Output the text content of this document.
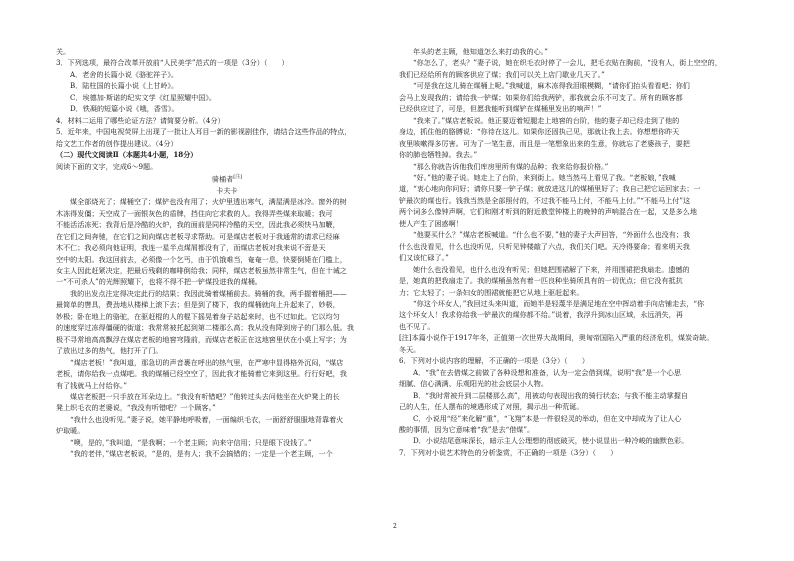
关。
3．下列选项，最符合改革开放前“人民美学”范式的一项是（3分）（　　）
A．老舍的长篇小说《骆驼祥子》。
B．陆柱国的长篇小说《上甘岭》。
C．埃德加·斯诺的纪实文学《红星照耀中国》。
D．铁凝的短篇小说《哦，香雪》。
4．材料二运用了哪些论证方法？请简要分析。（4分）
5．近年来，中国电视荧屏上出现了一批让人耳目一新的影视剧佳作，请结合这些作品的特点，
给文艺工作者的创作提出建议。（4分）
（二）现代文阅读Ⅱ（本题共4小题，18分）
阅读下面的文字，完成6～9题。
骑桶者[注]
卡夫卡
煤全部烧光了；煤桶空了；煤铲也没有用了；火炉里透出寒气，满屋满是冰冷。窗外的树
木冻得发僵；天空成了一面银灰色的盾牌，挡住向它求救的人。我得弄些煤来取暖；我可
不能活活冻死；我背后是冷酷的火炉，我的面前是同样冷酷的天空，因此我必须快马加鞭，
在它们之间奔驰，在它们之间向煤店老板寻求帮助。可是煤店老板对于我通常的请求已经麻
木不仁；我必须向他证明，我连一星半点煤屑都没有了，而煤店老板对我来说不啻是天
空中的太阳。我这回前去，必须像一个乞丐，由于饥饿难当，奄奄一息，快要倒毙在门槛上，
女主人因此赶紧决定，把最后残剩的咖啡倒给我；同样，煤店老板虽然非常生气，但在十诫之
一“不可杀人”的光辉照耀下，也将不得不把一铲煤投进我的煤桶。
我的出发点注定得决定此行的结果；我因此骑着煤桶前去。骑桶的我，两手握着桶把——
最简单的辔具，费劲地从楼梯上滚下去；但是到了楼下，我的煤桶就向上升起来了，妙极，
妙极；卧在地上的骆驼，在驱赶棍的人的棍下摇晃着身子站起来时，也不过如此。它以均匀
的速度穿过冻得僵硬的街道；我常常被托起到第二楼那么高；我从没有降到房子的门那么低。我
极不寻常地高高飘浮在煤店老板的地窖穹隆前，而煤店老板正在这地窖里伏在小桌上写字；为
了放出过多的热气，他打开了门。
“煤店老板！”我叫道，那急切的声音裹在呼出的热气里，在严寒中显得格外沉闷，“煤店
老板，请你给我一点煤吧。我的煤桶已经空空了，因此我才能骑着它来到这里。行行好吧，我
有了钱就马上付给你。”
煤店老板把一只手放在耳朵边上。“我没有听错吧？”他转过头去问他坐在火炉凳上的长
凳上织毛衣的老婆说，“我没有听错吧？一个顾客。”
“我什么也没听见。”妻子说，她平静地呼吸着，一面编织毛衣，一面舒舒服服地背靠着火
炉取暖。
“噢，是的，”我叫道，“是我啊；一个老主顾；向来守信用；只是眼下没钱了。”
“我的老伴，”煤店老板说，“是的，是有人；我不会搞错的；一定是一个老主顾，一个
年头的老主顾，他知道怎么来打动我的心。”
“你怎么了，老头？”妻子说，她在织毛衣时停了一会儿，把毛衣贴在胸前，“没有人，街上空空的，
我们已经给所有的顾客供应了煤；我们可以关上店门歇业几天了。”
“可是我在这儿骑在煤桶上呢。”我喊道，麻木冻得我泪眼模糊，“请你们抬头看看吧；你们
会马上发现我的；请给我一铲煤；如果你们给我两铲，那我就会乐不可支了。所有的顾客都
已经供应过了，可是，但愿我能听到煤铲在煤桶里发出的响声！”
“我来了。”煤店老板说。他正要迈着短腿走上地窖的台阶，他的妻子却已经走到了他的
身边，抓住他的胳膊说：“你待在这儿。如果你还固执己见，那就让我上去。你想想你昨天
夜里咳嗽得多厉害。可为了一笔生意，而且是一笔想象出来的生意，你就忘了老婆孩子，要把
你的肺也牺牲掉。我去。”
“那么你就告诉他我们库房里所有煤的品种；我来给你报价格。”
“好。”他的妻子说。她走上了台阶，来到街上。她当然马上看见了我。“老板娘，”我喊
道，“衷心地向你问好；请你只要一铲子煤；就放进这儿的煤桶里好了；我自己把它运回家去；一
铲最次的煤也行。钱我当然是全部照付的，不过我不能马上付，不能马上付。”“不能马上付”这
两个词多么像钟声啊，它们和刚才听到的附近教堂钟楼上的晚钟的声响混合在一起，又是多么地
使人产生了困惑啊！
“他要买什么？”煤店老板喊道。“什么也不要，”他的妻子大声回答，“外面什么也没有；我
什么也没看见，什么也没听见，只听见钟楼敲了六点，我们关门吧。天冷得要命；看来明天我
们又该忙碌了。”
她什么也没看见，也什么也没有听见；但她把围裙解了下来，并用围裙把我扇走。遗憾的
是，她真的把我扇走了。我的煤桶虽然有着一匹良种坐骑所具有的一切优点；但它没有抵抗
力；它太轻了；一条妇女的围裙就能把它从地上驱赶起来。
“你这个坏女人，”我回过头来叫道，而她半是轻蔑半是满足地在空中挥动着手向店铺走去，“你
这个坏女人！我求你给我一铲最次的煤你都不给。”说着，我浮升到冰山区域，永远消失，再
也不见了。
[注]本篇小说作于1917年冬，正值第一次世界大战期间，奥匈帝国陷入严重的经济危机，煤炭奇缺。
冬天。
6．下列对小说内容的理解，不正确的一项是（3分）（　　）
A．“我”在去借煤之前做了各种设想和准备，认为一定会借到煤，说明“我”是一个心思
细腻、信心满满、乐观阳光的社会底层小人物。
B．“我时常被升到二层楼那么高”，用被动句表现出我的骑行状态；与我不能主动掌握自
己的人生，任人摆布的境遇形成了对照，揭示出一种荒诞。
C．小说用“经”来化解“重”，“飞翔”本是一件很轻灵的举动，但在文中却成为了让人心
酸的事情，因为它意味着“我”是去“借煤”。
D．小说结尾意味深长，暗示主人公理想的彻底破灭，使小说显出一种冷峻的幽默色彩。
7．下列对小说艺术特色的分析鉴赏，不正确的一项是（3分）（　　）
2
